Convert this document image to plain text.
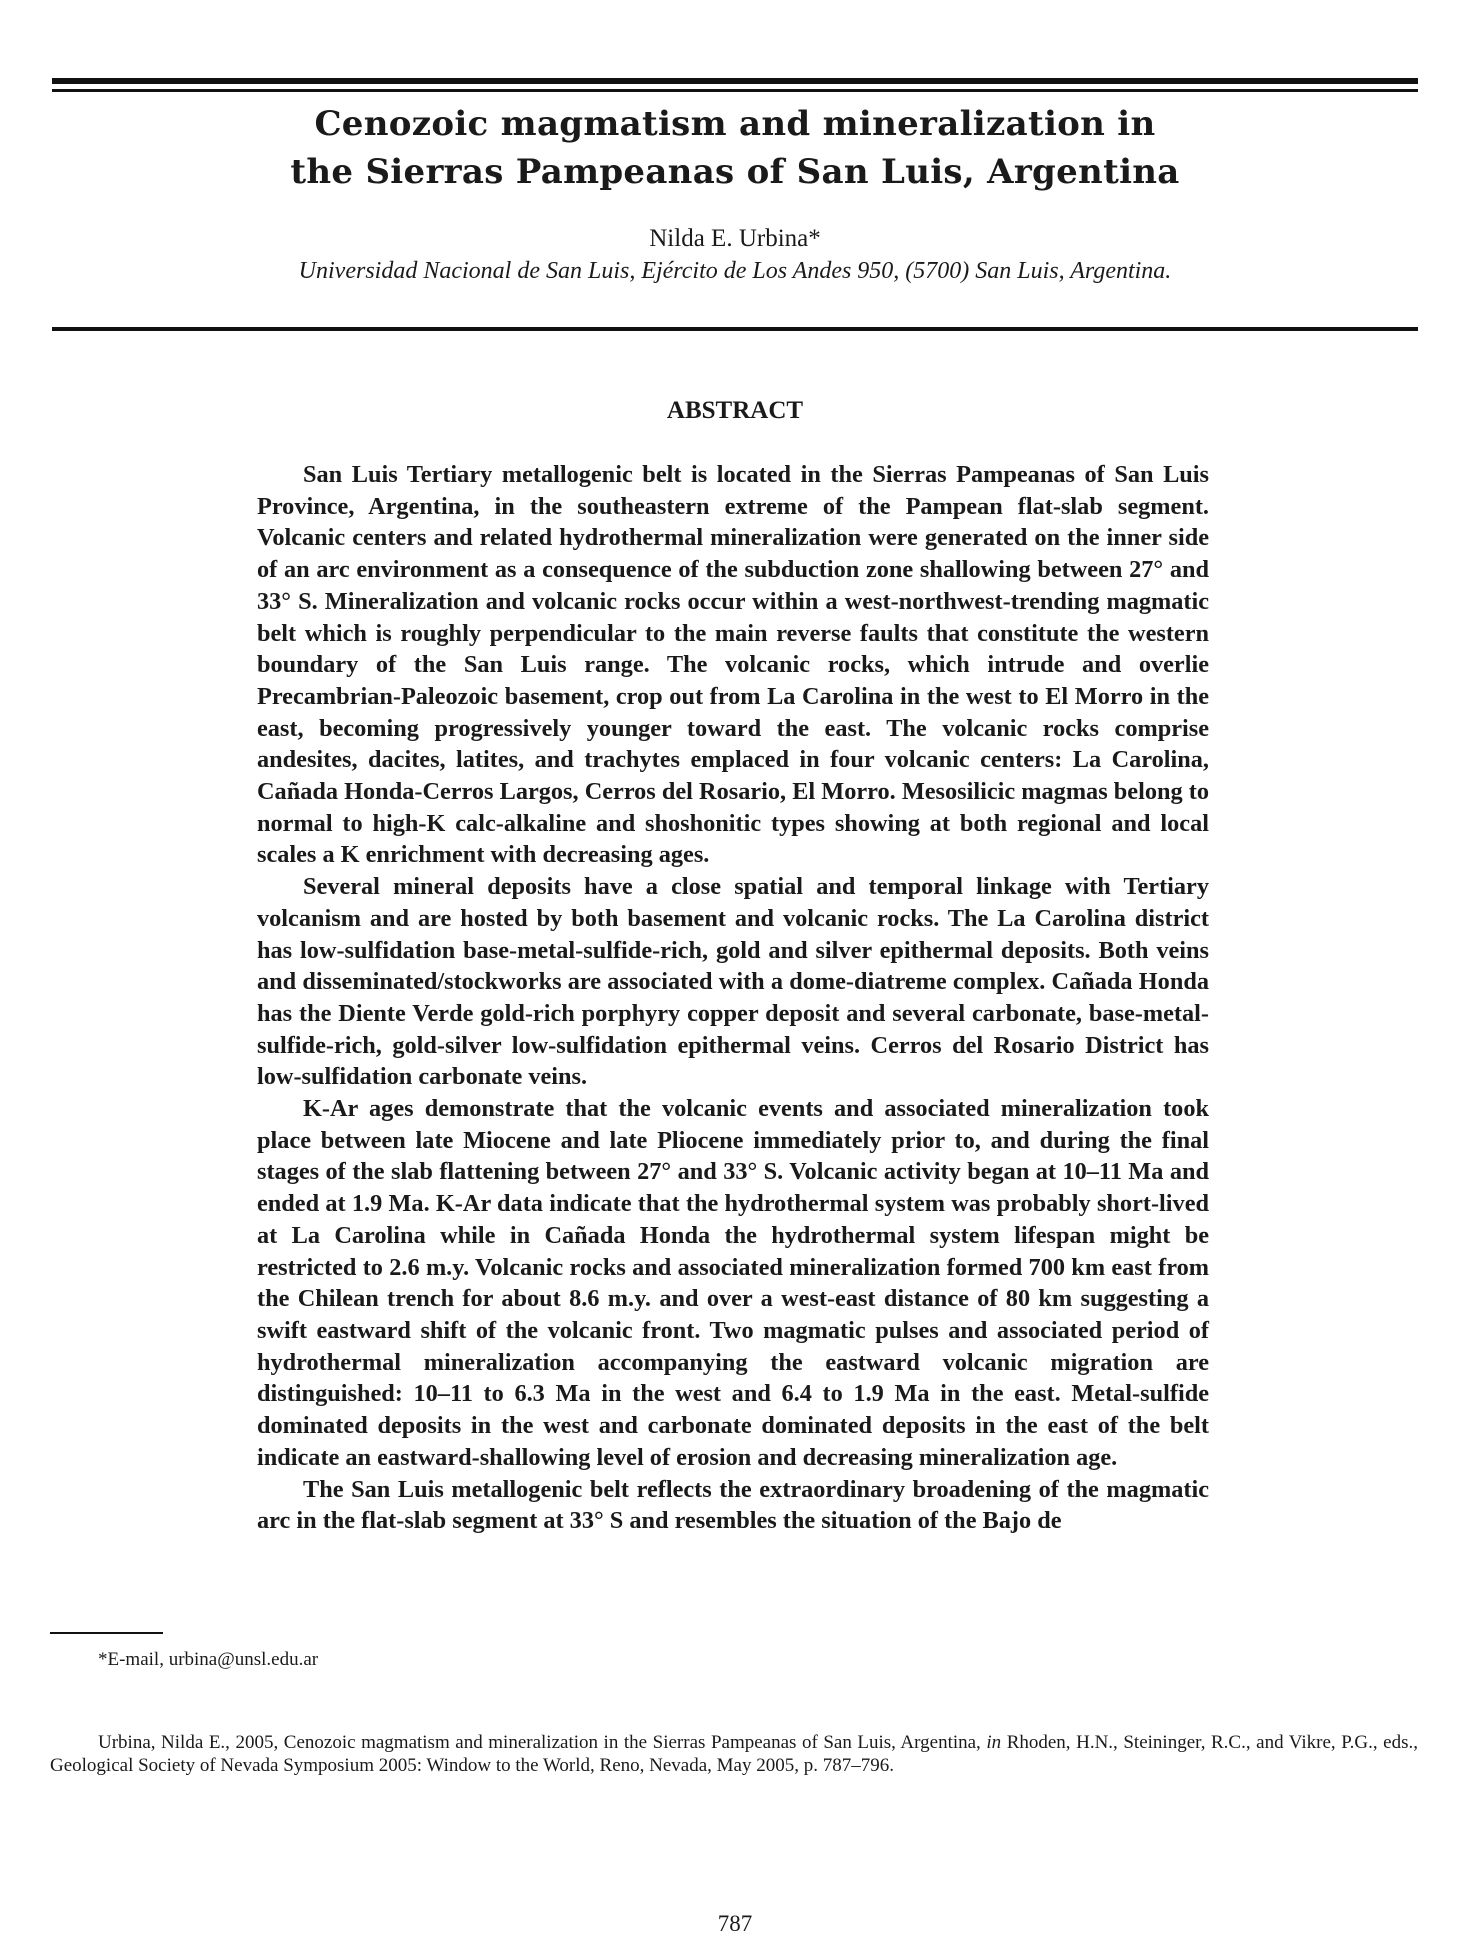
Cenozoic magmatism and mineralization in
the Sierras Pampeanas of San Luis, Argentina
Nilda E. Urbina*
Universidad Nacional de San Luis, Ejército de Los Andes 950, (5700) San Luis, Argentina.
ABSTRACT

San Luis Tertiary metallogenic belt is located in the Sierras Pampeanas of San Luis Province, Argentina, in the southeastern extreme of the Pampean flat-slab segment. Volcanic centers and related hydrothermal mineralization were generated on the inner side of an arc environment as a consequence of the subduction zone shallowing between 27° and 33° S. Mineralization and volcanic rocks occur within a west-northwest-trending magmatic belt which is roughly perpendicular to the main reverse faults that constitute the western boundary of the San Luis range. The volcanic rocks, which intrude and overlie Precambrian-Paleozoic basement, crop out from La Carolina in the west to El Morro in the east, becoming progressively younger toward the east. The volcanic rocks comprise andesites, dacites, latites, and trachytes emplaced in four volcanic centers: La Carolina, Cañada Honda-Cerros Largos, Cerros del Rosario, El Morro. Mesosilicic magmas belong to normal to high-K calc-alkaline and shoshonitic types showing at both regional and local scales a K enrichment with decreasing ages.

Several mineral deposits have a close spatial and temporal linkage with Tertiary volcanism and are hosted by both basement and volcanic rocks. The La Carolina district has low-sulfidation base-metal-sulfide-rich, gold and silver epithermal deposits. Both veins and disseminated/stockworks are associated with a dome-diatreme complex. Cañada Honda has the Diente Verde gold-rich porphyry copper deposit and several carbonate, base-metal-sulfide-rich, gold-silver low-sulfidation epithermal veins. Cerros del Rosario District has low-sulfidation carbonate veins.

K-Ar ages demonstrate that the volcanic events and associated mineralization took place between late Miocene and late Pliocene immediately prior to, and during the final stages of the slab flattening between 27° and 33° S. Volcanic activity began at 10–11 Ma and ended at 1.9 Ma. K-Ar data indicate that the hydrothermal system was probably short-lived at La Carolina while in Cañada Honda the hydrothermal system lifespan might be restricted to 2.6 m.y. Volcanic rocks and associated mineralization formed 700 km east from the Chilean trench for about 8.6 m.y. and over a west-east distance of 80 km suggesting a swift eastward shift of the volcanic front. Two magmatic pulses and associated period of hydrothermal mineralization accompanying the eastward volcanic migration are distinguished: 10–11 to 6.3 Ma in the west and 6.4 to 1.9 Ma in the east. Metal-sulfide dominated deposits in the west and carbonate dominated deposits in the east of the belt indicate an eastward-shallowing level of erosion and decreasing mineralization age.

The San Luis metallogenic belt reflects the extraordinary broadening of the magmatic arc in the flat-slab segment at 33° S and resembles the situation of the Bajo de

*E-mail, urbina@unsl.edu.ar
Urbina, Nilda E., 2005, Cenozoic magmatism and mineralization in the Sierras Pampeanas of San Luis, Argentina, in Rhoden, H.N., Steininger, R.C., and Vikre, P.G., eds., Geological Society of Nevada Symposium 2005: Window to the World, Reno, Nevada, May 2005, p. 787–796.
787
